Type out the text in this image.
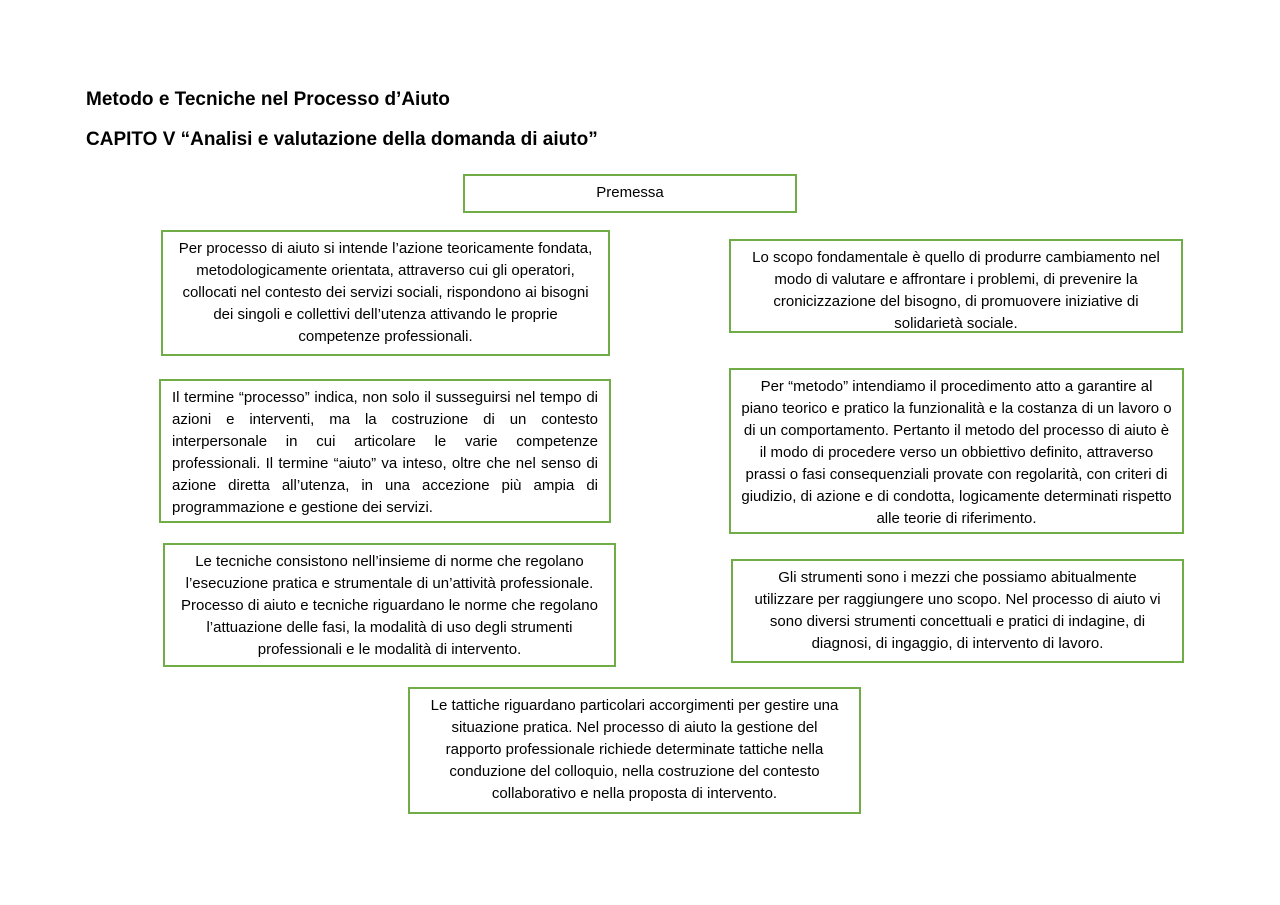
Metodo e Tecniche nel Processo d’Aiuto
CAPITO V “Analisi e valutazione della domanda di aiuto”
Premessa
Per processo di aiuto si intende l’azione teoricamente fondata, metodologicamente orientata, attraverso cui gli operatori, collocati nel contesto dei servizi sociali, rispondono ai bisogni dei singoli e collettivi dell’utenza attivando le proprie competenze professionali.
Lo scopo fondamentale è quello di produrre cambiamento nel modo di valutare e affrontare i problemi, di prevenire la cronicizzazione del bisogno, di promuovere iniziative di solidarietà sociale.
Il termine “processo” indica, non solo il susseguirsi nel tempo di azioni e interventi, ma la costruzione di un contesto interpersonale in cui articolare le varie competenze professionali. Il termine “aiuto” va inteso, oltre che nel senso di azione diretta all’utenza, in una accezione più ampia di programmazione e gestione dei servizi.
Per “metodo” intendiamo il procedimento atto a garantire al piano teorico e pratico la funzionalità e la costanza di un lavoro o di un comportamento. Pertanto il metodo del processo di aiuto è il modo di procedere verso un obbiettivo definito, attraverso prassi o fasi consequenziali provate con regolarità, con criteri di giudizio, di azione e di condotta, logicamente determinati rispetto alle teorie di riferimento.
Le tecniche consistono nell’insieme di norme che regolano l’esecuzione pratica e strumentale di un’attività professionale. Processo di aiuto e tecniche riguardano le norme che regolano l’attuazione delle fasi, la modalità di uso degli strumenti professionali e le modalità di intervento.
Gli strumenti sono i mezzi che possiamo abitualmente utilizzare per raggiungere uno scopo. Nel processo di aiuto vi sono diversi strumenti concettuali e pratici di indagine, di diagnosi, di ingaggio, di intervento di lavoro.
Le tattiche riguardano particolari accorgimenti per gestire una situazione pratica. Nel processo di aiuto la gestione del rapporto professionale richiede determinate tattiche nella conduzione del colloquio, nella costruzione del contesto collaborativo e nella proposta di intervento.
